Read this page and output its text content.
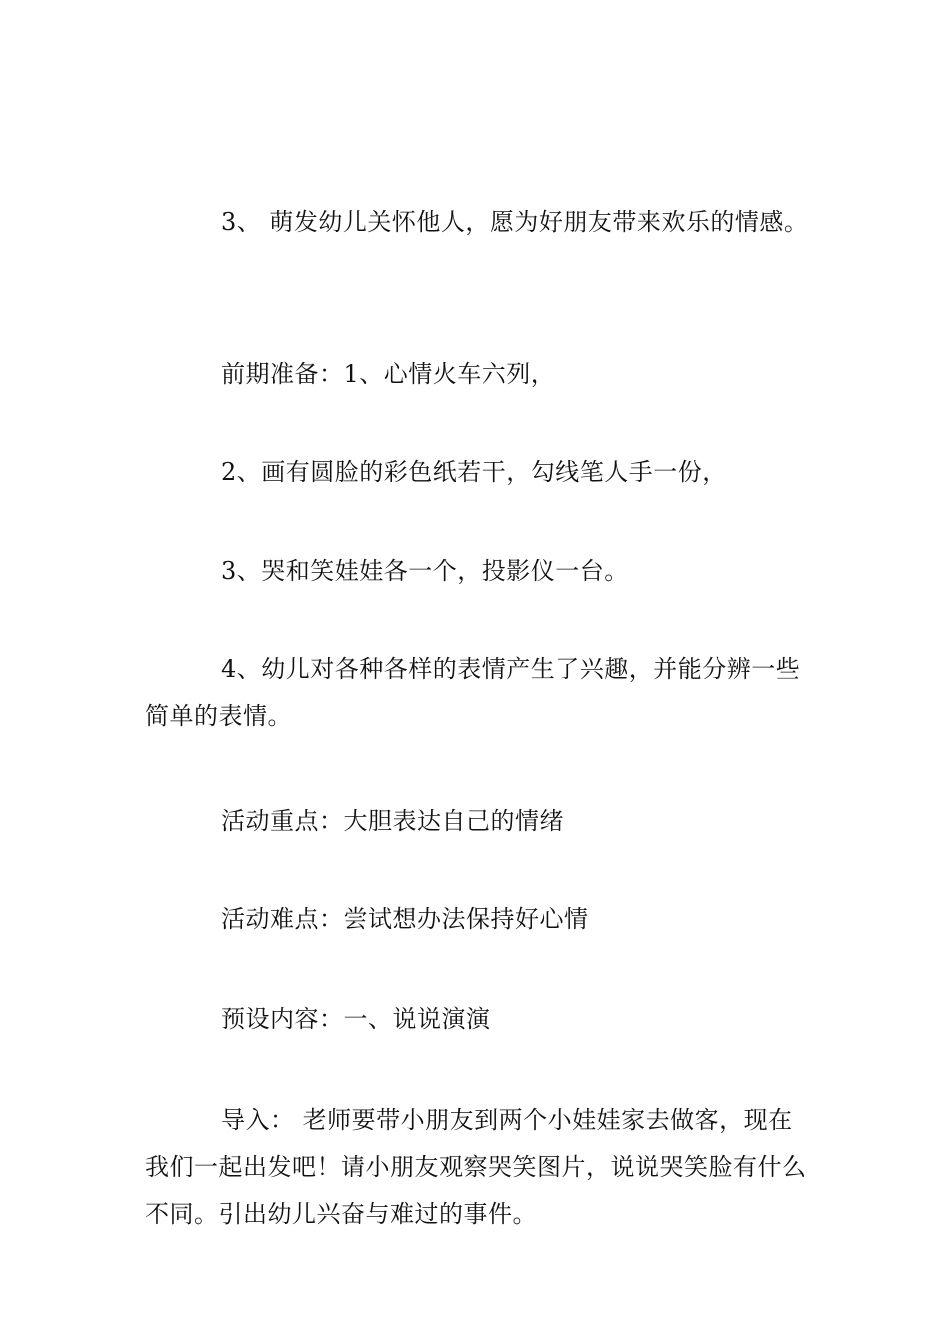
3、 萌发幼儿关怀他人，愿为好朋友带来欢乐的情感。

前期准备：1、心情火车六列，

2、画有圆脸的彩色纸若干，勾线笔人手一份，

3、哭和笑娃娃各一个，投影仪一台。

4、幼儿对各种各样的表情产生了兴趣，并能分辨一些简单的表情。

活动重点：大胆表达自己的情绪

活动难点：尝试想办法保持好心情

预设内容：一、说说演演

导入： 老师要带小朋友到两个小娃娃家去做客，现在我们一起出发吧！请小朋友观察哭笑图片，说说哭笑脸有什么不同。引出幼儿兴奋与难过的事件。
